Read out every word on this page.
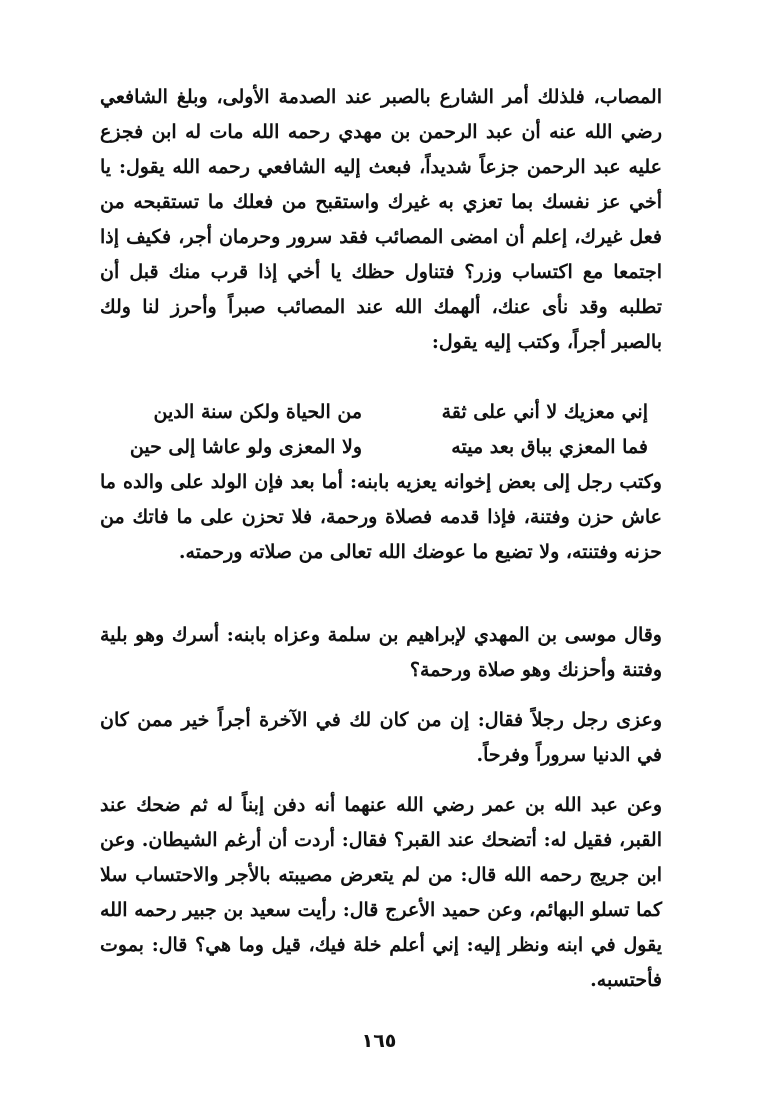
المصاب، فلذلك أمر الشارع بالصبر عند الصدمة الأولى، وبلغ الشافعي رضي الله عنه أن عبد الرحمن بن مهدي رحمه الله مات له ابن فجزع عليه عبد الرحمن جزعاً شديداً، فبعث إليه الشافعي رحمه الله يقول: يا أخي عز نفسك بما تعزي به غيرك واستقبح من فعلك ما تستقبحه من فعل غيرك، إعلم أن امضى المصائب فقد سرور وحرمان أجر، فكيف إذا اجتمعا مع اكتساب وزر؟ فتناول حظك يا أخي إذا قرب منك قبل أن تطلبه وقد نأى عنك، ألهمك الله عند المصائب صبراً وأحرز لنا ولك بالصبر أجراً، وكتب إليه يقول:

إني معزيك لا أني على ثقة
من الحياة ولكن سنة الدين
فما المعزي بباق بعد ميته
ولا المعزى ولو عاشا إلى حين

وكتب رجل إلى بعض إخوانه يعزيه بابنه: أما بعد فإن الولد على والده ما عاش حزن وفتنة، فإذا قدمه فصلاة ورحمة، فلا تحزن على ما فاتك من حزنه وفتنته، ولا تضيع ما عوضك الله تعالى من صلاته ورحمته.

وقال موسى بن المهدي لإبراهيم بن سلمة وعزاه بابنه: أسرك وهو بلية وفتنة وأحزنك وهو صلاة ورحمة؟

وعزى رجل رجلاً فقال: إن من كان لك في الآخرة أجراً خير ممن كان في الدنيا سروراً وفرحاً.

وعن عبد الله بن عمر رضي الله عنهما أنه دفن إبناً له ثم ضحك عند القبر، فقيل له: أتضحك عند القبر؟ فقال: أردت أن أرغم الشيطان. وعن ابن جريج رحمه الله قال: من لم يتعرض مصيبته بالأجر والاحتساب سلا كما تسلو البهائم، وعن حميد الأعرج قال: رأيت سعيد بن جبير رحمه الله يقول في ابنه ونظر إليه: إني أعلم خلة فيك، قيل وما هي؟ قال: بموت فأحتسبه.

١٦٥
